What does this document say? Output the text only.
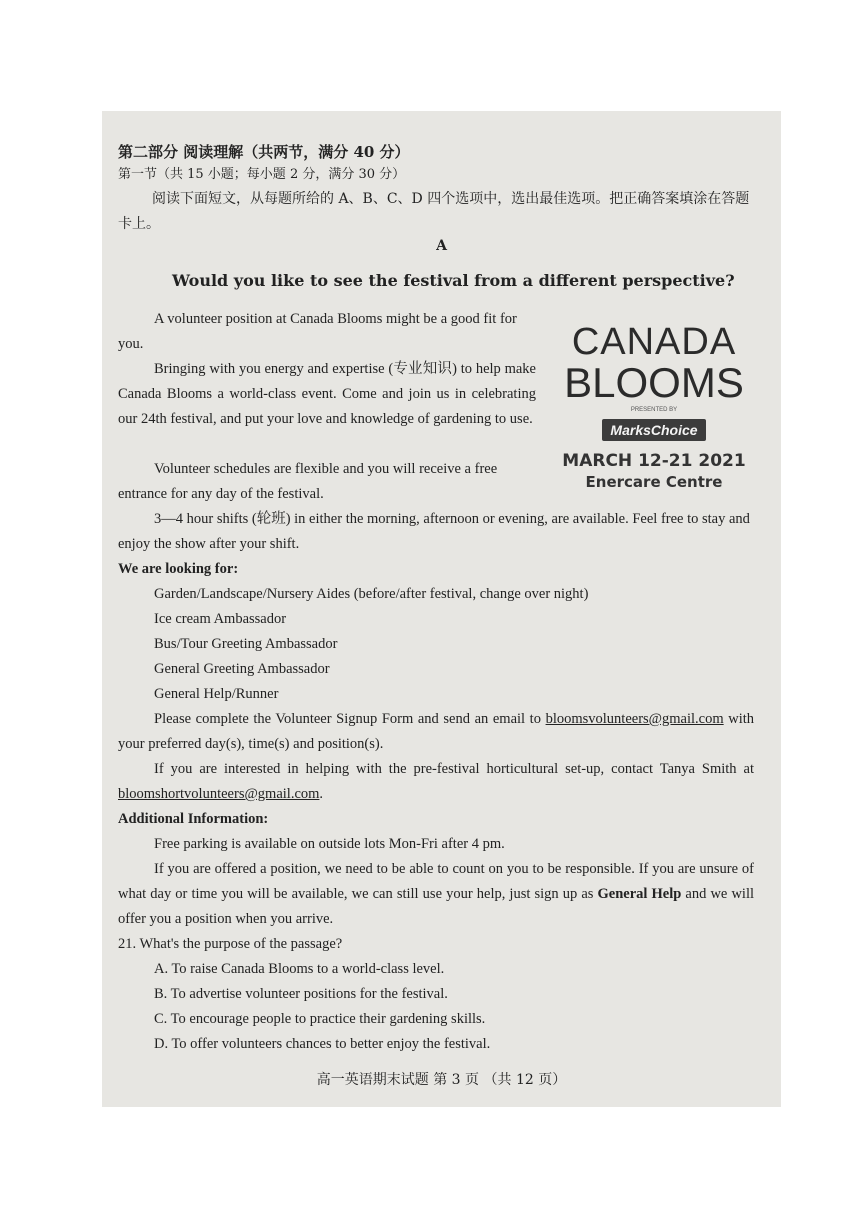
第二部分 阅读理解（共两节，满分 40 分）

第一节（共 15 小题；每小题 2 分，满分 30 分）

阅读下面短文，从每题所给的 A、B、C、D 四个选项中，选出最佳选项。把正确答案填涂在答题卡上。

A

Would you like to see the festival from a different perspective?

A volunteer position at Canada Blooms might be a good fit for you.

Bringing with you energy and expertise (专业知识) to help make Canada Blooms a world-class event. Come and join us in celebrating our 24th festival, and put your love and knowledge of gardening to use.

Volunteer schedules are flexible and you will receive a free entrance for any day of the festival.

3—4 hour shifts (轮班) in either the morning, afternoon or evening, are available. Feel free to stay and enjoy the show after your shift.

CANADA
BLOOMS
PRESENTED BY
MarksChoice
MARCH 12-21 2021
Enercare Centre

We are looking for:

Garden/Landscape/Nursery Aides (before/after festival, change over night)

Ice cream Ambassador

Bus/Tour Greeting Ambassador

General Greeting Ambassador

General Help/Runner

Please complete the Volunteer Signup Form and send an email to bloomsvolunteers@gmail.com with your preferred day(s), time(s) and position(s).

If you are interested in helping with the pre-festival horticultural set-up, contact Tanya Smith at bloomshortvolunteers@gmail.com.

Additional Information:

Free parking is available on outside lots Mon-Fri after 4 pm.

If you are offered a position, we need to be able to count on you to be responsible. If you are unsure of what day or time you will be available, we can still use your help, just sign up as General Help and we will offer you a position when you arrive.

21. What's the purpose of the passage?

A. To raise Canada Blooms to a world-class level.

B. To advertise volunteer positions for the festival.

C. To encourage people to practice their gardening skills.

D. To offer volunteers chances to better enjoy the festival.

高一英语期末试题 第 3 页 （共 12 页）
